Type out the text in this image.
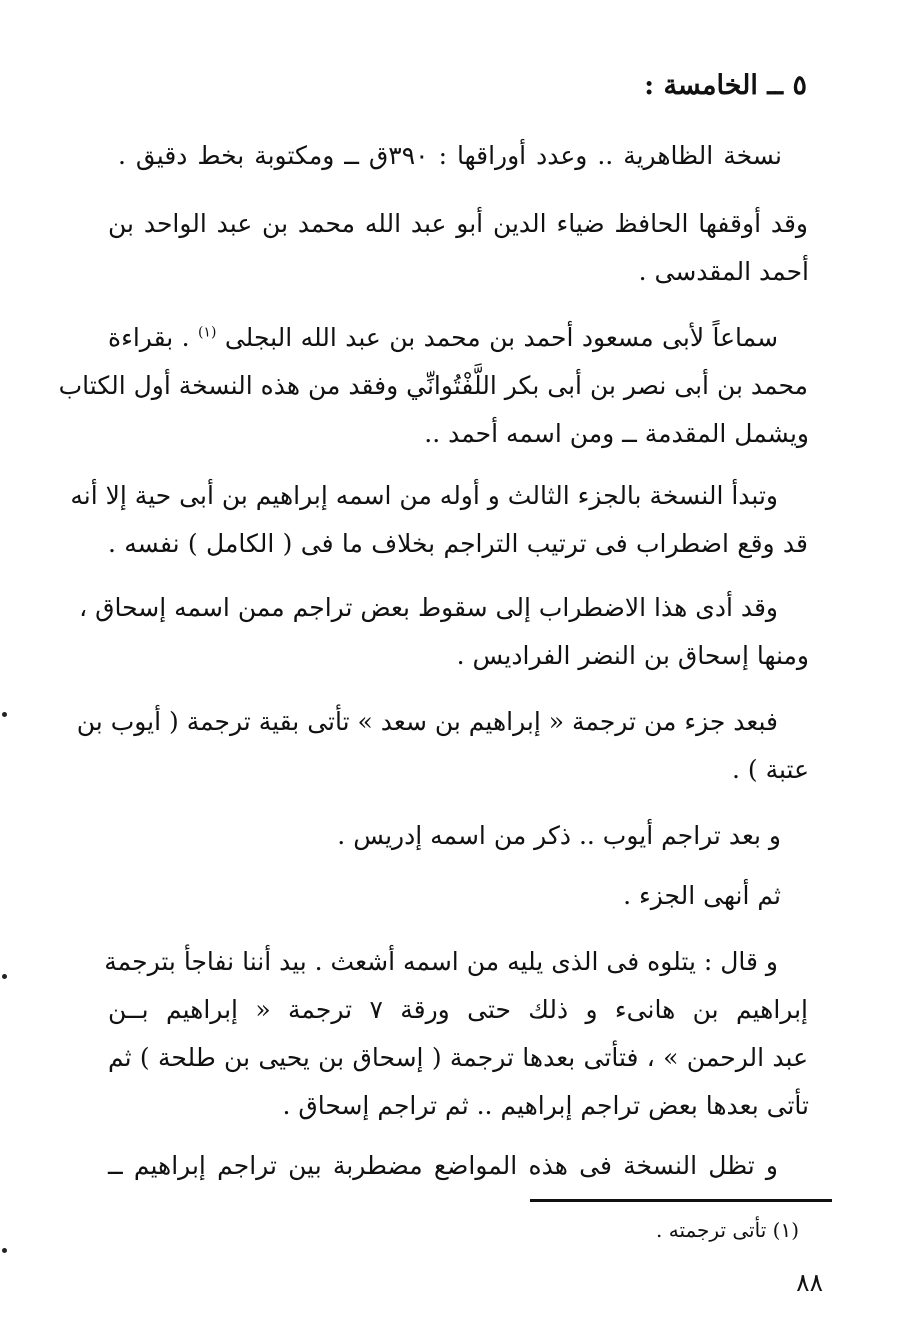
٥ ــ الخامسة :
نسخة الظاهرية .. وعدد أوراقها : ٣٩٠ق ــ ومكتوبة بخط دقيق .
وقد أوقفها الحافظ ضياء الدين أبو عبد الله محمد بن عبد الواحد بن
أحمد المقدسى .
سماعاً لأبى مسعود أحمد بن محمد بن عبد الله البجلى $^{(١)}$ . بقراءة
محمد بن أبى نصر بن أبى بكر اللَّفْتُوانِّي وفقد من هذه النسخة أول الكتاب
ويشمل المقدمة ــ ومن اسمه أحمد ..
وتبدأ النسخة بالجزء الثالث و أوله من اسمه إبراهيم بن أبى حية إلا أنه
قد وقع اضطراب فى ترتيب التراجم بخلاف ما فى ( الكامل ) نفسه .
وقد أدى هذا الاضطراب إلى سقوط بعض تراجم ممن اسمه إسحاق ،
ومنها إسحاق بن النضر الفراديس .
فبعد جزء من ترجمة « إبراهيم بن سعد » تأتى بقية ترجمة ( أيوب بن
عتبة ) .
و بعد تراجم أيوب .. ذكر من اسمه إدريس .
ثم أنهى الجزء .
و قال : يتلوه فى الذى يليه من اسمه أشعث . بيد أننا نفاجأ بترجمة
إبراهيم بن هانىء و ذلك حتى ورقة ٧ ترجمة « إبراهيم بــن
عبد الرحمن » ، فتأتى بعدها ترجمة ( إسحاق بن يحيى بن طلحة ) ثم
تأتى بعدها بعض تراجم إبراهيم .. ثم تراجم إسحاق .
و تظل النسخة فى هذه المواضع مضطربة بين تراجم إبراهيم ــ
(١) تأتى ترجمته .
٨٨
